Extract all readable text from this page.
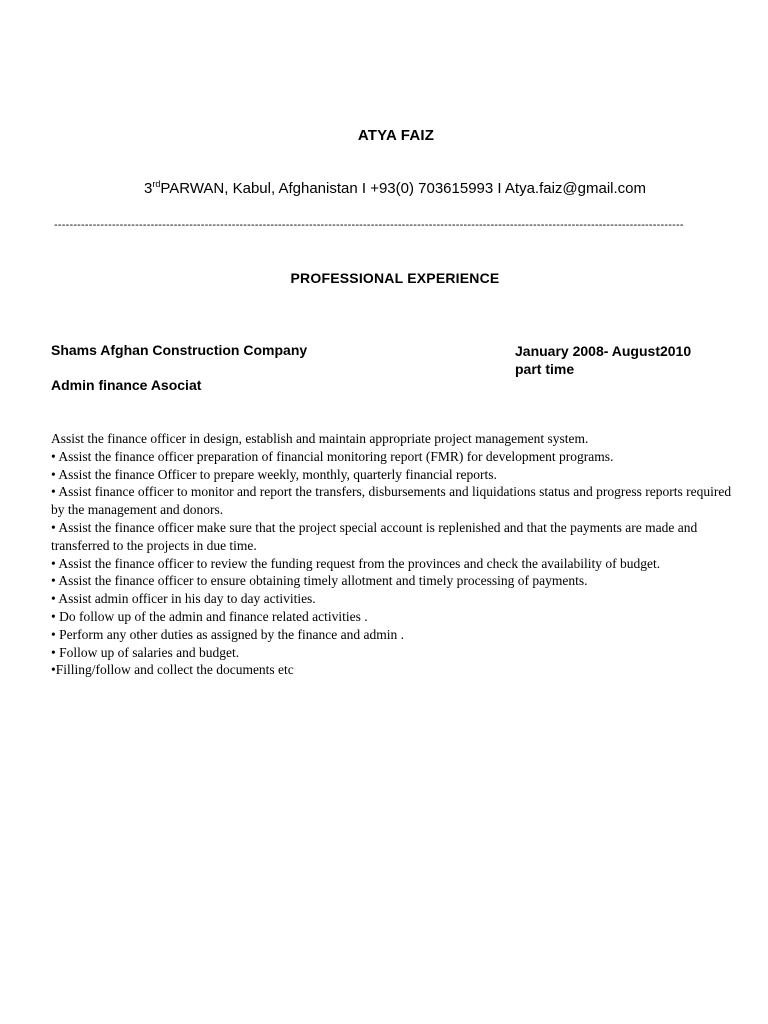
ATYA FAIZ
3rdPARWAN, Kabul, Afghanistan I +93(0) 703615993 I Atya.faiz@gmail.com
-------------------------------------------------------------------------------------------------------------------------------------------------------------------
PROFESSIONAL EXPERIENCE
Shams Afghan Construction Company	January 2008- August2010
part time
Admin finance Asociat
Assist the finance officer in design, establish and maintain appropriate project management system.
• Assist the finance officer preparation of financial monitoring report (FMR) for development programs.
• Assist the finance Officer to prepare weekly, monthly, quarterly financial reports.
• Assist finance officer to monitor and report the transfers, disbursements and liquidations status and progress reports required by the management and donors.
• Assist the finance officer make sure that the project special account is replenished and that the payments are made and transferred to the projects in due time.
• Assist the finance officer to review the funding request from the provinces and check the availability of budget.
• Assist the finance officer to ensure obtaining timely allotment and timely processing of payments.
• Assist admin officer in his day to day activities.
• Do follow up of the admin and finance related activities .
• Perform any other duties as assigned by the finance and admin .
• Follow up of salaries and budget.
•Filling/follow and collect the documents etc
